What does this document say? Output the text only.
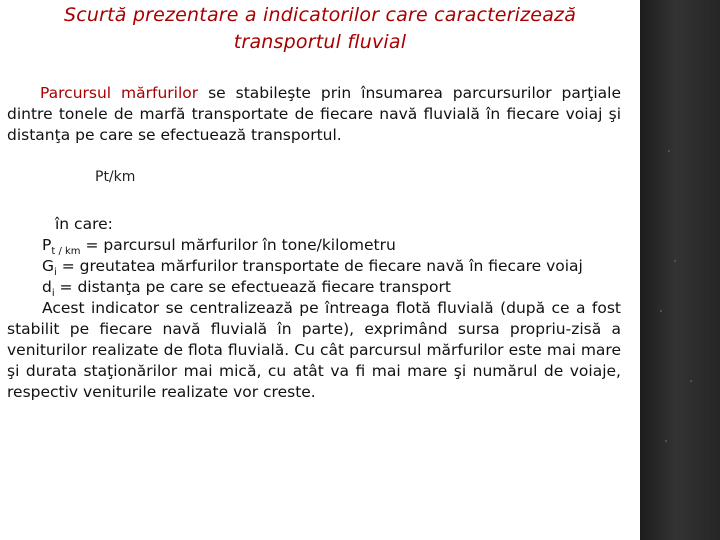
Scurtă prezentare a indicatorilor care caracterizează
transportul fluvial
Parcursul mărfurilor se stabileşte prin însumarea parcursurilor parţiale dintre tonele de marfă transportate de fiecare navă fluvială în fiecare voiaj şi distanţa pe care se efectuează transportul.
Pt/km
în care:
$P_{t / km}$ = parcursul mărfurilor în tone/kilometru
$G_i$ = greutatea mărfurilor transportate de fiecare navă în fiecare voiaj
$d_i$ = distanţa pe care se efectuează fiecare transport
Acest indicator se centralizează pe întreaga flotă fluvială (după ce a fost stabilit pe fiecare navă fluvială în parte), exprimând sursa propriu-zisă a veniturilor realizate de flota fluvială. Cu cât parcursul mărfurilor este mai mare şi durata staţionărilor mai mică, cu atât va fi mai mare şi numărul de voiaje, respectiv veniturile realizate vor creste.
